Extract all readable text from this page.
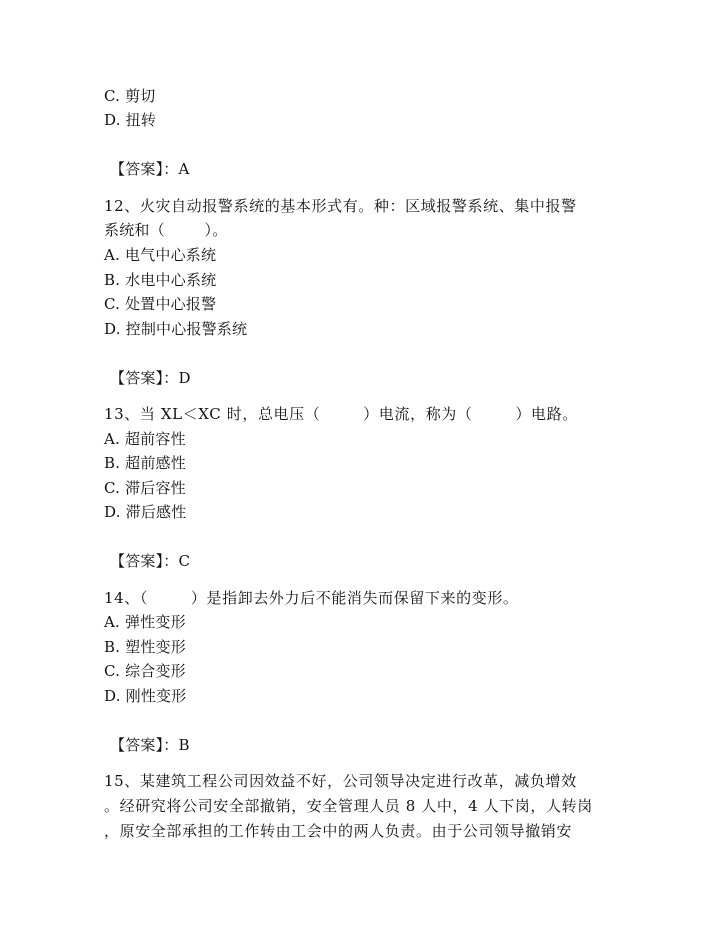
C. 剪切
D. 扭转
【答案】：A
12、火灾自动报警系统的基本形式有。种：区域报警系统、集中报警
系统和（        ）。
A. 电气中心系统
B. 水电中心系统
C. 处置中心报警
D. 控制中心报警系统
【答案】：D
13、当 XL＜XC 时，总电压（        ）电流，称为（        ）电路。
A. 超前容性
B. 超前感性
C. 滞后容性
D. 滞后感性
【答案】：C
14、（        ）是指卸去外力后不能消失而保留下来的变形。
A. 弹性变形
B. 塑性变形
C. 综合变形
D. 刚性变形
【答案】：B
15、某建筑工程公司因效益不好，公司领导决定进行改革，减负增效
。经研究将公司安全部撤销，安全管理人员 8 人中，4 人下岗，人转岗
，原安全部承担的工作转由工会中的两人负责。由于公司领导撤销安
